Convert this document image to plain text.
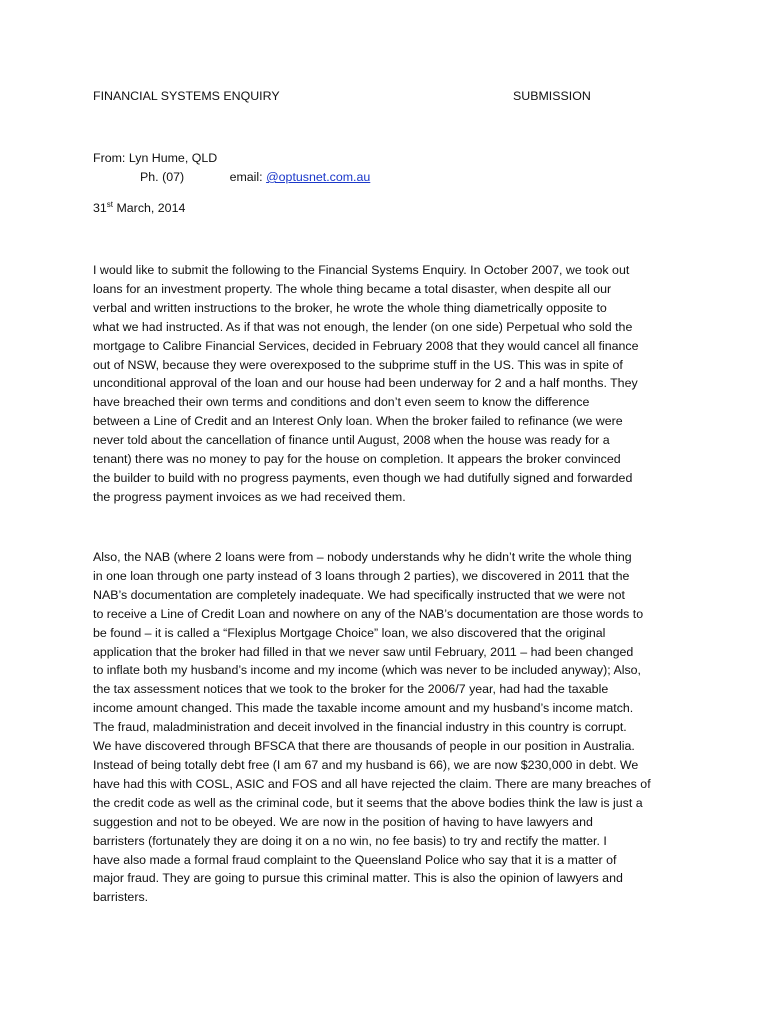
FINANCIAL SYSTEMS ENQUIRY	SUBMISSION
From: Lyn Hume, QLD
Ph. (07)	email: @optusnet.com.au
31st March, 2014
I would like to submit the following to the Financial Systems Enquiry. In October 2007, we took out
loans for an investment property. The whole thing became a total disaster, when despite all our
verbal and written instructions to the broker, he wrote the whole thing diametrically opposite to
what we had instructed. As if that was not enough, the lender (on one side) Perpetual who sold the
mortgage to Calibre Financial Services, decided in February 2008 that they would cancel all finance
out of NSW, because they were overexposed to the subprime stuff in the US. This was in spite of
unconditional approval of the loan and our house had been underway for 2 and a half months. They
have breached their own terms and conditions and don’t even seem to know the difference
between a Line of Credit and an Interest Only loan. When the broker failed to refinance (we were
never told about the cancellation of finance until August, 2008 when the house was ready for a
tenant) there was no money to pay for the house on completion. It appears the broker convinced
the builder to build with no progress payments, even though we had dutifully signed and forwarded
the progress payment invoices as we had received them.
Also, the NAB (where 2 loans were from – nobody understands why he didn’t write the whole thing
in one loan through one party instead of 3 loans through 2 parties), we discovered in 2011 that the
NAB’s documentation are completely inadequate. We had specifically instructed that we were not
to receive a Line of Credit Loan and nowhere on any of the NAB’s documentation are those words to
be found – it is called a “Flexiplus Mortgage Choice” loan, we also discovered that the original
application that the broker had filled in that we never saw until February, 2011 – had been changed
to inflate both my husband’s income and my income (which was never to be included anyway); Also,
the tax assessment notices that we took to the broker for the 2006/7 year, had had the taxable
income amount changed. This made the taxable income amount and my husband’s income match.
The fraud, maladministration and deceit involved in the financial industry in this country is corrupt.
We have discovered through BFSCA that there are thousands of people in our position in Australia.
Instead of being totally debt free (I am 67 and my husband is 66), we are now $230,000 in debt. We
have had this with COSL, ASIC and FOS and all have rejected the claim. There are many breaches of
the credit code as well as the criminal code, but it seems that the above bodies think the law is just a
suggestion and not to be obeyed. We are now in the position of having to have lawyers and
barristers (fortunately they are doing it on a no win, no fee basis) to try and rectify the matter. I
have also made a formal fraud complaint to the Queensland Police who say that it is a matter of
major fraud. They are going to pursue this criminal matter. This is also the opinion of lawyers and
barristers.
